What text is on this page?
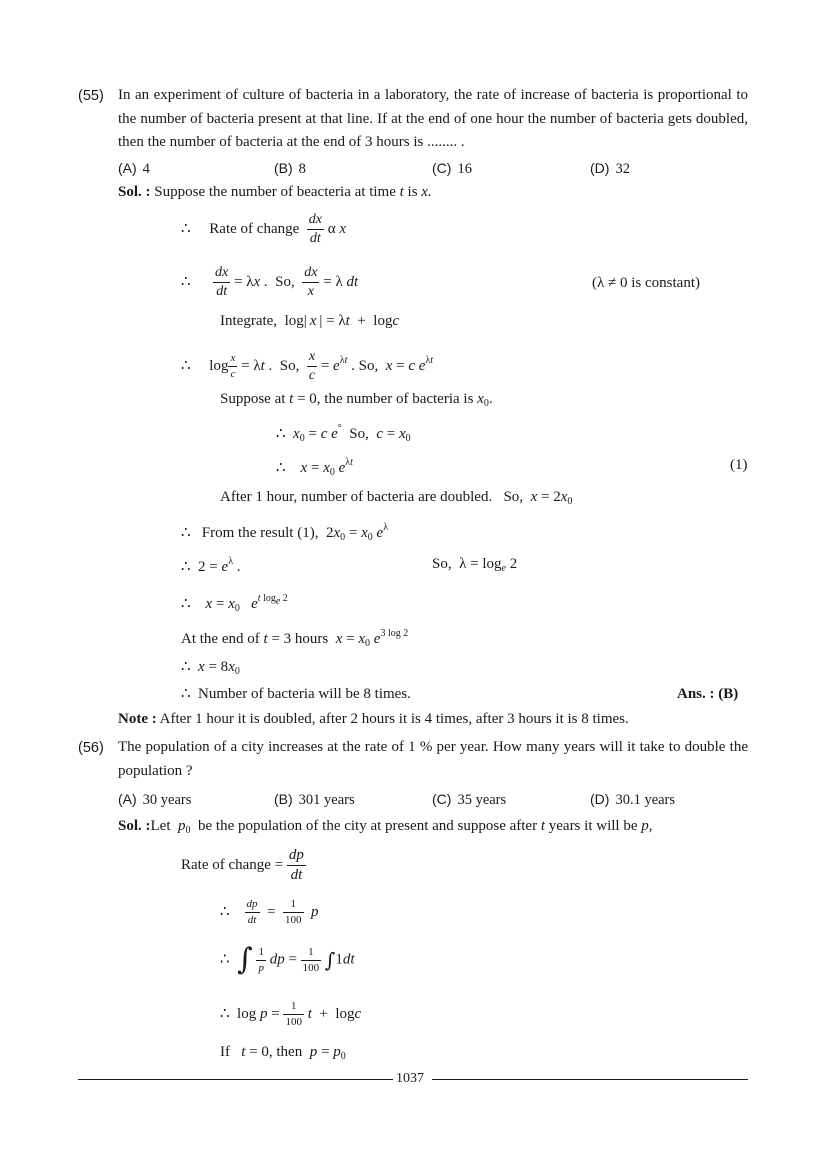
(55) In an experiment of culture of bacteria in a laboratory, the rate of increase of bacteria is proportional to the number of bacteria present at that line. If at the end of one hour the number of bacteria gets doubled, then the number of bacteria at the end of 3 hours is ........ .
(A) 4	(B) 8	(C) 16	(D) 32
Sol. : Suppose the number of beacteria at time t is x.
∴ Rate of change $\frac{dx}{dt}$ α x
∴ $\frac{dx}{dt} = \lambda x$ .  So, $\frac{dx}{x} = \lambda$ dt	(λ ≠ 0 is constant)
Integrate,  log| x | = λt  +  logc
∴     $\log \frac{x}{c} = \lambda t$ .  So, $\frac{x}{c} = e^{\lambda t}$ . So, x = c $e^{\lambda t}$
Suppose at t = 0, the number of bacteria is $x_0$.
∴  $x_0 = c$ e° So, $c = x_0$
∴    $x = x_0$ $e^{\lambda t}$	(1)
After 1 hour, number of bacteria are doubled. So, $x = 2x_0$
∴ From the result (1),  $2x_0 = x_0$ $e^\lambda$
∴  $2 = e^\lambda$ .	So,  $\lambda = \log_e 2$
∴ $x = x_0$ $e^{t log_e 2}$
At the end of t = 3 hours $x = x_0$ $e^{3 log 2}$
∴ $x = 8x_0$
∴ Number of bacteria will be 8 times.	Ans. : (B)
Note : After 1 hour it is doubled, after 2 hours it is 4 times, after 3 hours it is 8 times.
(56) The population of a city increases at the rate of 1 % per year. How many years will it take to double the population ?
(A) 30 years	(B) 301 years	(C) 35 years	(D) 30.1 years
Sol. :Let $p_0$ be the population of the city at present and suppose after t years it will be p,
Rate of change = $\frac{dp}{dt}$
∴ $\frac{dp}{dt} = \frac{1}{100}$ p
∴  ∫ $\frac{1}{p}$ dp = $\frac{1}{100} \int 1dt$
∴  $\log p = \frac{1}{100}$ t  +  logc
If t = 0, then $p = p_0$
1037
